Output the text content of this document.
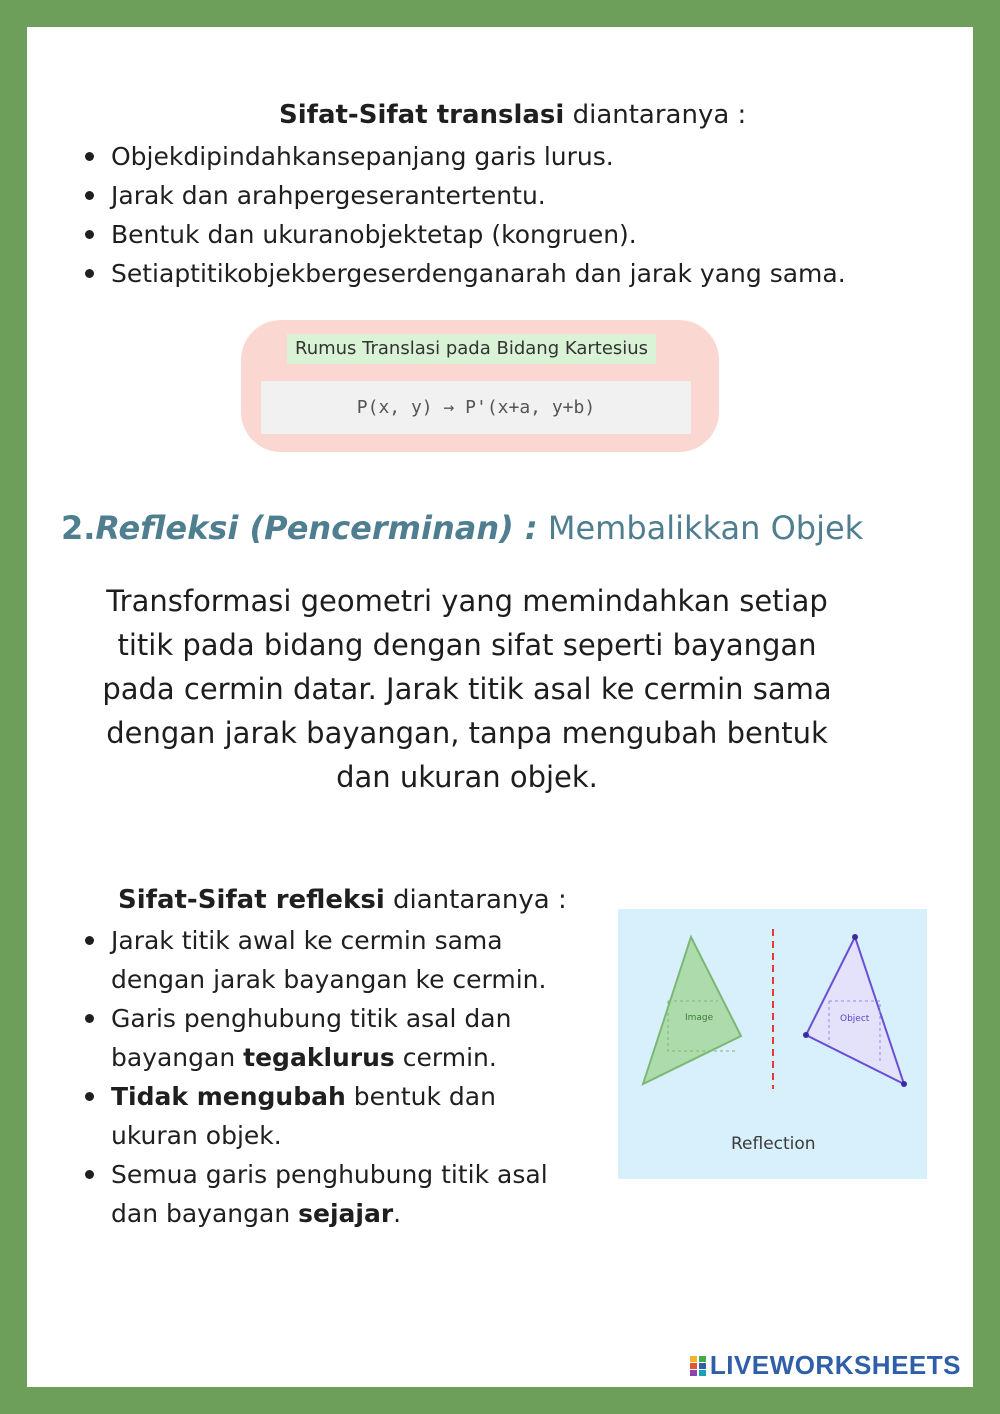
Sifat-Sifat translasi diantaranya :
Objekdipindahkansepanjang garis lurus.
Jarak dan arahpergeserantertentu.
Bentuk dan ukuranobjektetap (kongruen).
Setiaptitikobjekbergeserdenganarah dan jarak yang sama.
Rumus Translasi pada Bidang Kartesius
P(x, y) → P'(x+a, y+b)
2.Refleksi (Pencerminan) : Membalikkan Objek
Transformasi geometri yang memindahkan setiap titik pada bidang dengan sifat seperti bayangan pada cermin datar. Jarak titik asal ke cermin sama dengan jarak bayangan, tanpa mengubah bentuk dan ukuran objek.
Sifat-Sifat refleksi diantaranya :
Jarak titik awal ke cermin sama dengan jarak bayangan ke cermin.
Garis penghubung titik asal dan bayangan tegaklurus cermin.
Tidak mengubah bentuk dan ukuran objek.
Semua garis penghubung titik asal dan bayangan sejajar.
Image	Object
Reflection
LIVEWORKSHEETS
